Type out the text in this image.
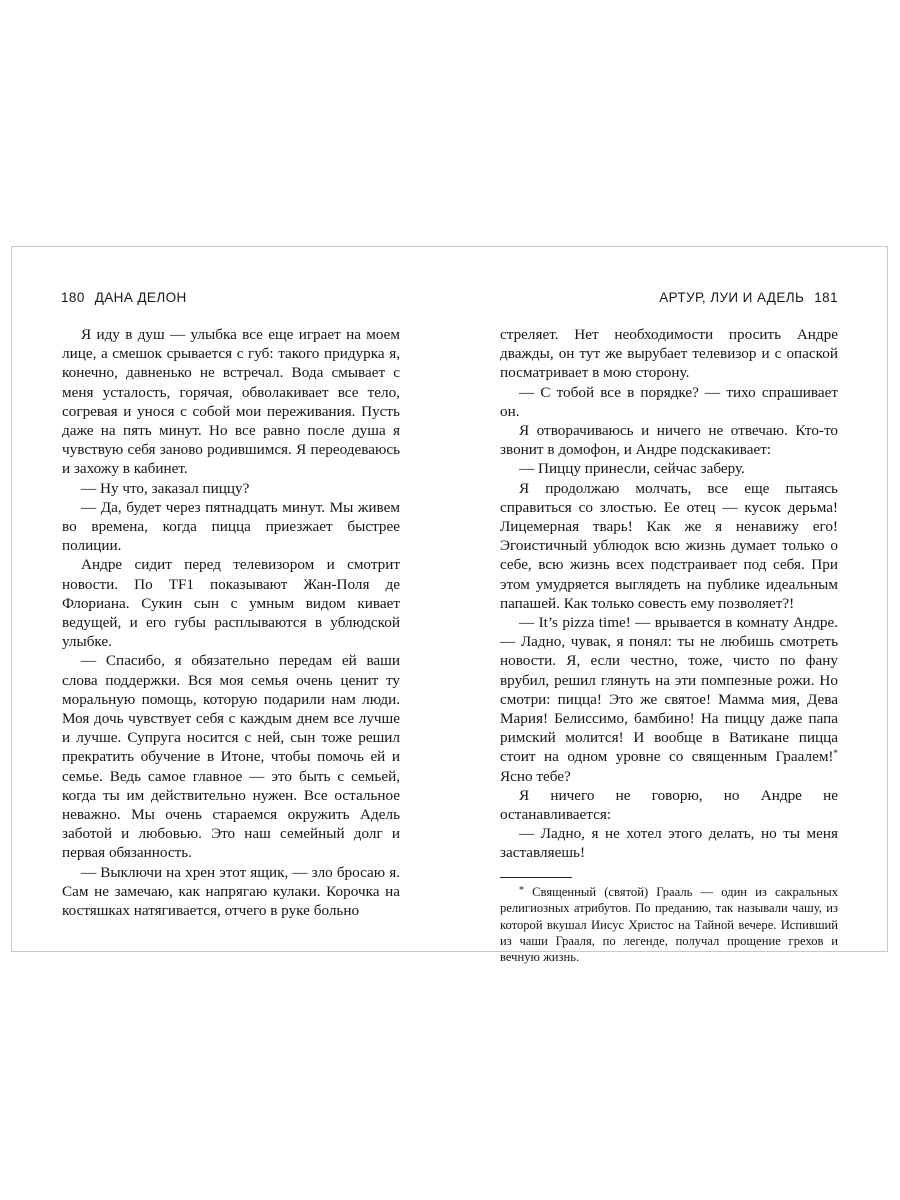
180 ДАНА ДЕЛОН	АРТУР, ЛУИ И АДЕЛЬ 181

Я иду в душ — улыбка все еще играет на моем лице, а смешок срывается с губ: такого придурка я, конечно, давненько не встречал. Вода смывает с меня усталость, горячая, обволакивает все тело, согревая и унося с собой мои переживания. Пусть даже на пять минут. Но все равно после душа я чувствую себя заново родившимся. Я переодеваюсь и захожу в кабинет.

— Ну что, заказал пиццу?

— Да, будет через пятнадцать минут. Мы живем во времена, когда пицца приезжает быстрее полиции.

Андре сидит перед телевизором и смотрит новости. По TF1 показывают Жан-Поля де Флориана. Сукин сын с умным видом кивает ведущей, и его губы расплываются в ублюдской улыбке.

— Спасибо, я обязательно передам ей ваши слова поддержки. Вся моя семья очень ценит ту моральную помощь, которую подарили нам люди. Моя дочь чувствует себя с каждым днем все лучше и лучше. Супруга носится с ней, сын тоже решил прекратить обучение в Итоне, чтобы помочь ей и семье. Ведь самое главное — это быть с семьей, когда ты им действительно нужен. Все остальное неважно. Мы очень стараемся окружить Адель заботой и любовью. Это наш семейный долг и первая обязанность.

— Выключи на хрен этот ящик, — зло бросаю я. Сам не замечаю, как напрягаю кулаки. Корочка на костяшках натягивается, отчего в руке больно

стреляет. Нет необходимости просить Андре дважды, он тут же вырубает телевизор и с опаской посматривает в мою сторону.

— С тобой все в порядке? — тихо спрашивает он.

Я отворачиваюсь и ничего не отвечаю. Кто-то звонит в домофон, и Андре подскакивает:

— Пиццу принесли, сейчас заберу.

Я продолжаю молчать, все еще пытаясь справиться со злостью. Ее отец — кусок дерьма! Лицемерная тварь! Как же я ненавижу его! Эгоистичный ублюдок всю жизнь думает только о себе, всю жизнь всех подстраивает под себя. При этом умудряется выглядеть на публике идеальным папашей. Как только совесть ему позволяет?!

— It’s pizza time! — врывается в комнату Андре. — Ладно, чувак, я понял: ты не любишь смотреть новости. Я, если честно, тоже, чисто по фану врубил, решил глянуть на эти помпезные рожи. Но смотри: пицца! Это же святое! Мамма мия, Дева Мария! Белиссимо, бамбино! На пиццу даже папа римский молится! И вообще в Ватикане пицца стоит на одном уровне со священным Граалем!* Ясно тебе?

Я ничего не говорю, но Андре не останавливается:

— Ладно, я не хотел этого делать, но ты меня заставляешь!

* Священный (святой) Грааль — один из сакральных религиозных атрибутов. По преданию, так называли чашу, из которой вкушал Иисус Христос на Тайной вечере. Испивший из чаши Грааля, по легенде, получал прощение грехов и вечную жизнь.
